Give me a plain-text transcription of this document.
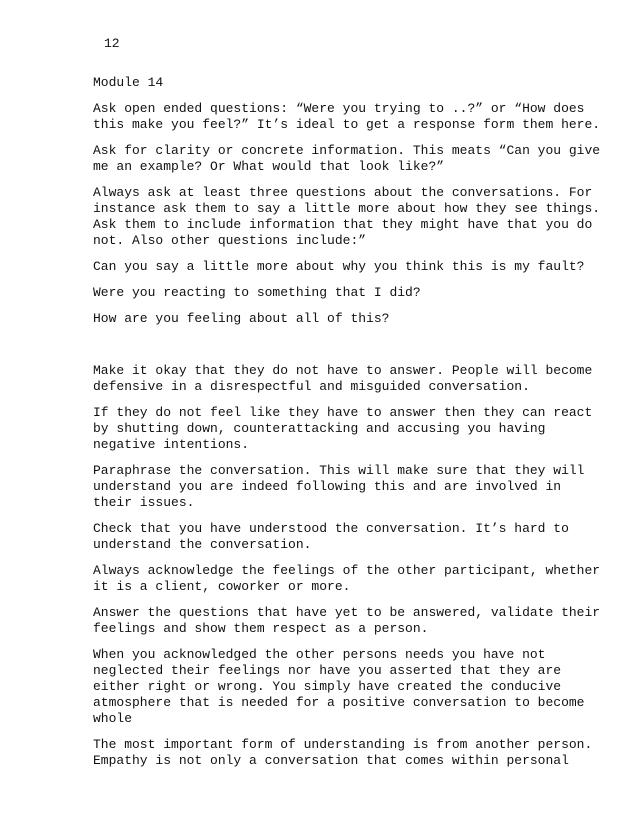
12

Module 14

Ask open ended questions: “Were you trying to ..?” or “How does
this make you feel?” It’s ideal to get a response form them here.

Ask for clarity or concrete information. This meats “Can you give
me an example? Or What would that look like?”

Always ask at least three questions about the conversations. For
instance ask them to say a little more about how they see things.
Ask them to include information that they might have that you do
not. Also other questions include:”

Can you say a little more about why you think this is my fault?

Were you reacting to something that I did?

How are you feeling about all of this?

Make it okay that they do not have to answer. People will become
defensive in a disrespectful and misguided conversation.

If they do not feel like they have to answer then they can react
by shutting down, counterattacking and accusing you having
negative intentions.

Paraphrase the conversation. This will make sure that they will
understand you are indeed following this and are involved in
their issues.

Check that you have understood the conversation. It’s hard to
understand the conversation.

Always acknowledge the feelings of the other participant, whether
it is a client, coworker or more.

Answer the questions that have yet to be answered, validate their
feelings and show them respect as a person.

When you acknowledged the other persons needs you have not
neglected their feelings nor have you asserted that they are
either right or wrong. You simply have created the conducive
atmosphere that is needed for a positive conversation to become
whole

The most important form of understanding is from another person.
Empathy is not only a conversation that comes within personal
